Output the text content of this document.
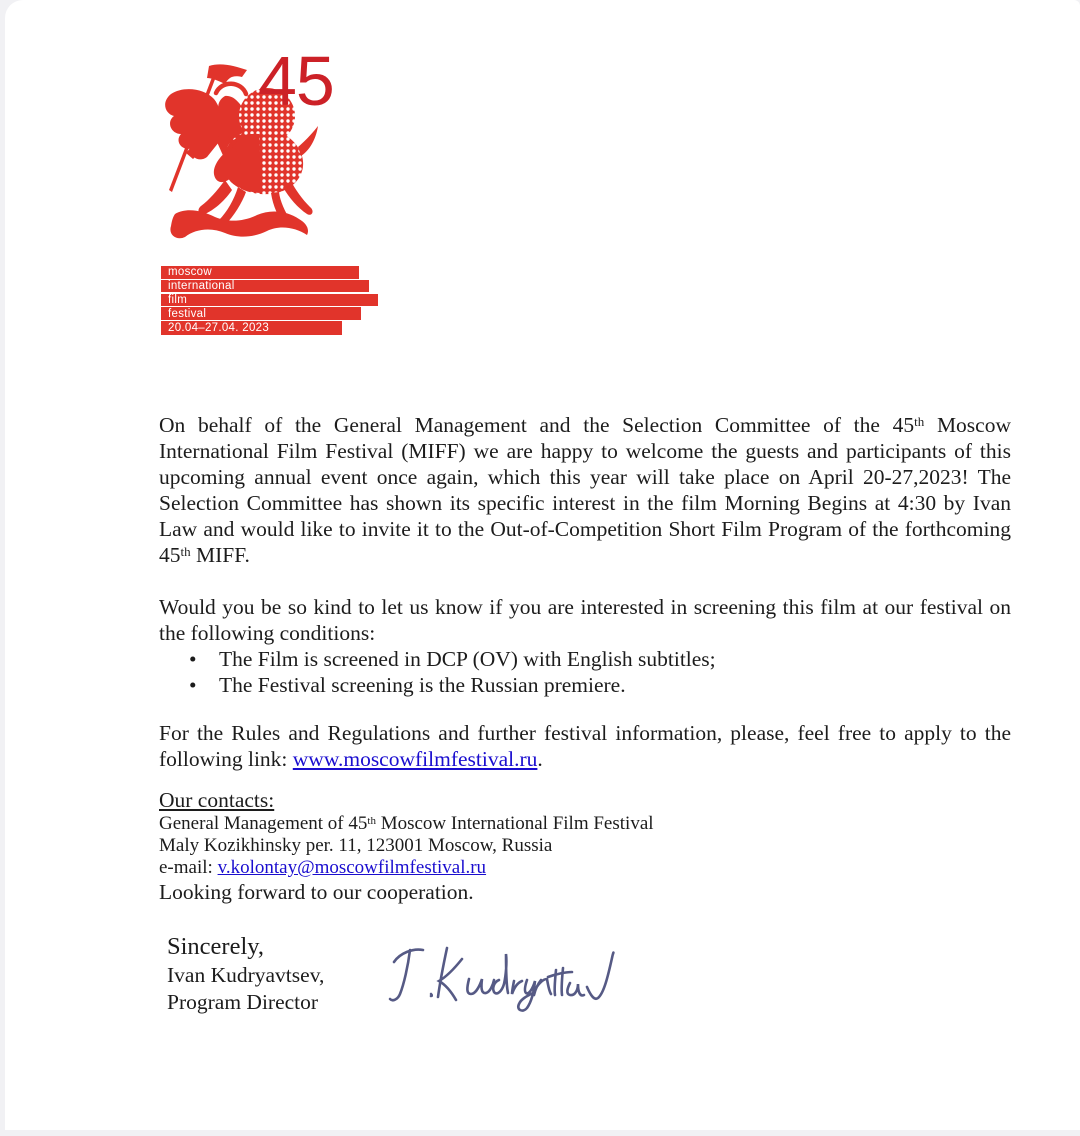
45
moscow
international
film
festival
20.04–27.04. 2023

On behalf of the General Management and the Selection Committee of the 45th Moscow International Film Festival (MIFF) we are happy to welcome the guests and participants of this upcoming annual event once again, which this year will take place on April 20-27,2023! The Selection Committee has shown its specific interest in the film Morning Begins at 4:30 by Ivan Law and would like to invite it to the Out-of-Competition Short Film Program of the forthcoming 45th MIFF.

Would you be so kind to let us know if you are interested in screening this film at our festival on the following conditions:

• The Film is screened in DCP (OV) with English subtitles;
• The Festival screening is the Russian premiere.

For the Rules and Regulations and further festival information, please, feel free to apply to the following link: www.moscowfilmfestival.ru.

Our contacts:

General Management of 45th Moscow International Film Festival

Maly Kozikhinsky per. 11, 123001 Moscow, Russia

e-mail: v.kolontay@moscowfilmfestival.ru

Looking forward to our cooperation.

Sincerely,

Ivan Kudryavtsev,

Program Director
